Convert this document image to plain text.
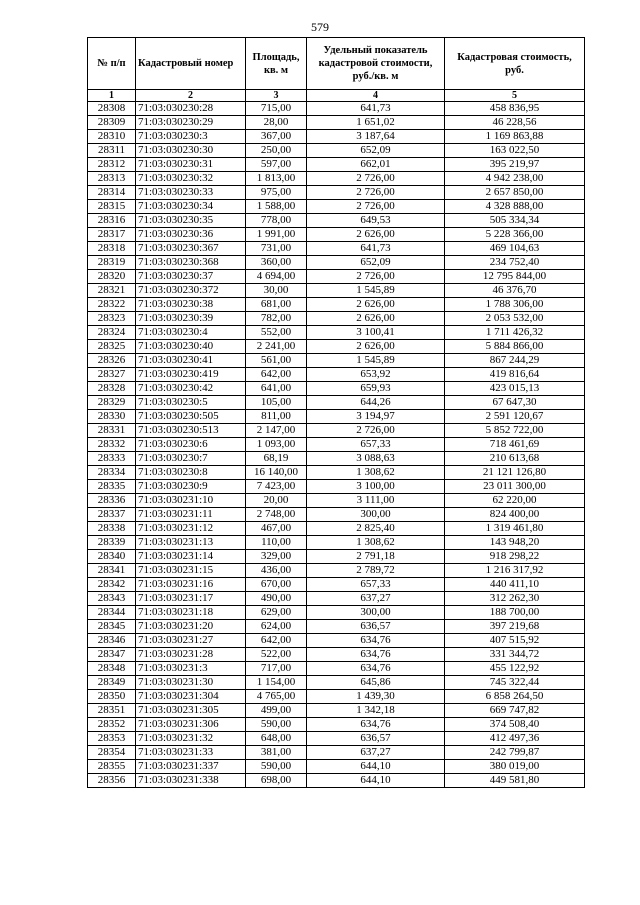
579
№ п/п	Кадастровый номер	Площадь, кв. м	Удельный показатель кадастровой стоимости, руб./кв. м	Кадастровая стоимость, руб.
1	2	3	4	5
28308	71:03:030230:28	715,00	641,73	458 836,95
28309	71:03:030230:29	28,00	1 651,02	46 228,56
28310	71:03:030230:3	367,00	3 187,64	1 169 863,88
28311	71:03:030230:30	250,00	652,09	163 022,50
28312	71:03:030230:31	597,00	662,01	395 219,97
28313	71:03:030230:32	1 813,00	2 726,00	4 942 238,00
28314	71:03:030230:33	975,00	2 726,00	2 657 850,00
28315	71:03:030230:34	1 588,00	2 726,00	4 328 888,00
28316	71:03:030230:35	778,00	649,53	505 334,34
28317	71:03:030230:36	1 991,00	2 626,00	5 228 366,00
28318	71:03:030230:367	731,00	641,73	469 104,63
28319	71:03:030230:368	360,00	652,09	234 752,40
28320	71:03:030230:37	4 694,00	2 726,00	12 795 844,00
28321	71:03:030230:372	30,00	1 545,89	46 376,70
28322	71:03:030230:38	681,00	2 626,00	1 788 306,00
28323	71:03:030230:39	782,00	2 626,00	2 053 532,00
28324	71:03:030230:4	552,00	3 100,41	1 711 426,32
28325	71:03:030230:40	2 241,00	2 626,00	5 884 866,00
28326	71:03:030230:41	561,00	1 545,89	867 244,29
28327	71:03:030230:419	642,00	653,92	419 816,64
28328	71:03:030230:42	641,00	659,93	423 015,13
28329	71:03:030230:5	105,00	644,26	67 647,30
28330	71:03:030230:505	811,00	3 194,97	2 591 120,67
28331	71:03:030230:513	2 147,00	2 726,00	5 852 722,00
28332	71:03:030230:6	1 093,00	657,33	718 461,69
28333	71:03:030230:7	68,19	3 088,63	210 613,68
28334	71:03:030230:8	16 140,00	1 308,62	21 121 126,80
28335	71:03:030230:9	7 423,00	3 100,00	23 011 300,00
28336	71:03:030231:10	20,00	3 111,00	62 220,00
28337	71:03:030231:11	2 748,00	300,00	824 400,00
28338	71:03:030231:12	467,00	2 825,40	1 319 461,80
28339	71:03:030231:13	110,00	1 308,62	143 948,20
28340	71:03:030231:14	329,00	2 791,18	918 298,22
28341	71:03:030231:15	436,00	2 789,72	1 216 317,92
28342	71:03:030231:16	670,00	657,33	440 411,10
28343	71:03:030231:17	490,00	637,27	312 262,30
28344	71:03:030231:18	629,00	300,00	188 700,00
28345	71:03:030231:20	624,00	636,57	397 219,68
28346	71:03:030231:27	642,00	634,76	407 515,92
28347	71:03:030231:28	522,00	634,76	331 344,72
28348	71:03:030231:3	717,00	634,76	455 122,92
28349	71:03:030231:30	1 154,00	645,86	745 322,44
28350	71:03:030231:304	4 765,00	1 439,30	6 858 264,50
28351	71:03:030231:305	499,00	1 342,18	669 747,82
28352	71:03:030231:306	590,00	634,76	374 508,40
28353	71:03:030231:32	648,00	636,57	412 497,36
28354	71:03:030231:33	381,00	637,27	242 799,87
28355	71:03:030231:337	590,00	644,10	380 019,00
28356	71:03:030231:338	698,00	644,10	449 581,80
